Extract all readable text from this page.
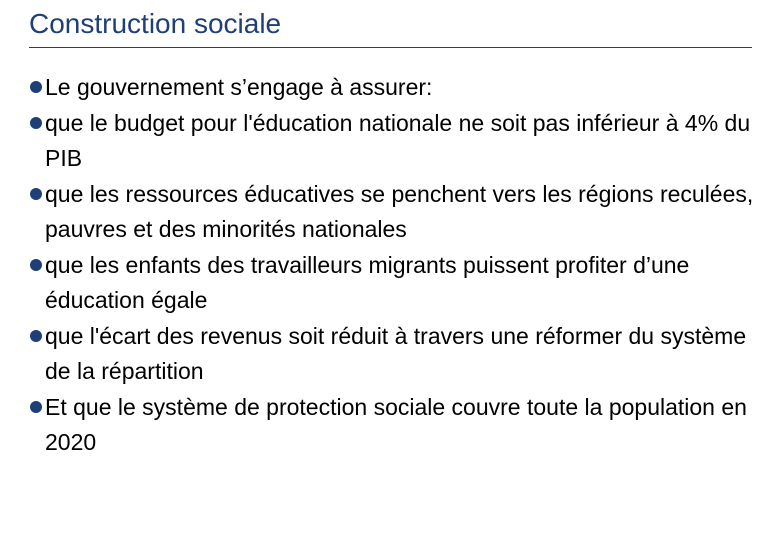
Construction sociale
Le gouvernement s’engage à assurer:
que le budget pour l'éducation nationale ne soit pas inférieur à 4% du PIB
que les ressources éducatives se penchent vers les régions reculées, pauvres et des minorités nationales
que les enfants des travailleurs migrants puissent profiter d’une éducation égale
que l'écart des revenus soit réduit à travers une réformer du système de la répartition
Et que le système de protection sociale couvre toute la population en 2020
